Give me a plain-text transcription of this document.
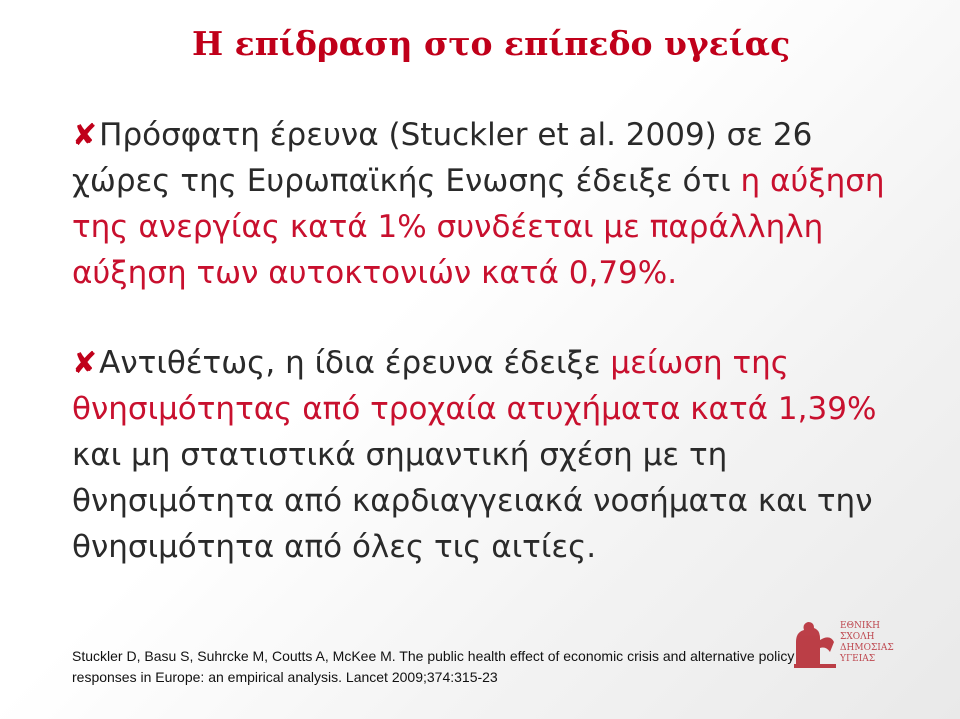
Η επίδραση στο επίπεδο υγείας
✘Πρόσφατη έρευνα (Stuckler et al. 2009) σε 26
χώρες της Ευρωπαϊκής Ενωσης έδειξε ότι η αύξηση
της ανεργίας κατά 1% συνδέεται με παράλληλη
αύξηση των αυτοκτονιών κατά 0,79%.
✘Αντιθέτως, η ίδια έρευνα έδειξε μείωση της
θνησιμότητας από τροχαία ατυχήματα κατά 1,39%
και μη στατιστικά σημαντική σχέση με τη
θνησιμότητα από καρδιαγγειακά νοσήματα και την
θνησιμότητα από όλες τις αιτίες.
ΕΘΝΙΚΗ
ΣΧΟΛΗ
ΔΗΜΟΣΙΑΣ
ΥΓΕΙΑΣ
Stuckler D, Basu S, Suhrcke M, Coutts A, McKee M. The public health effect of economic crisis and alternative policy
responses in Europe: an empirical analysis. Lancet 2009;374:315-23
